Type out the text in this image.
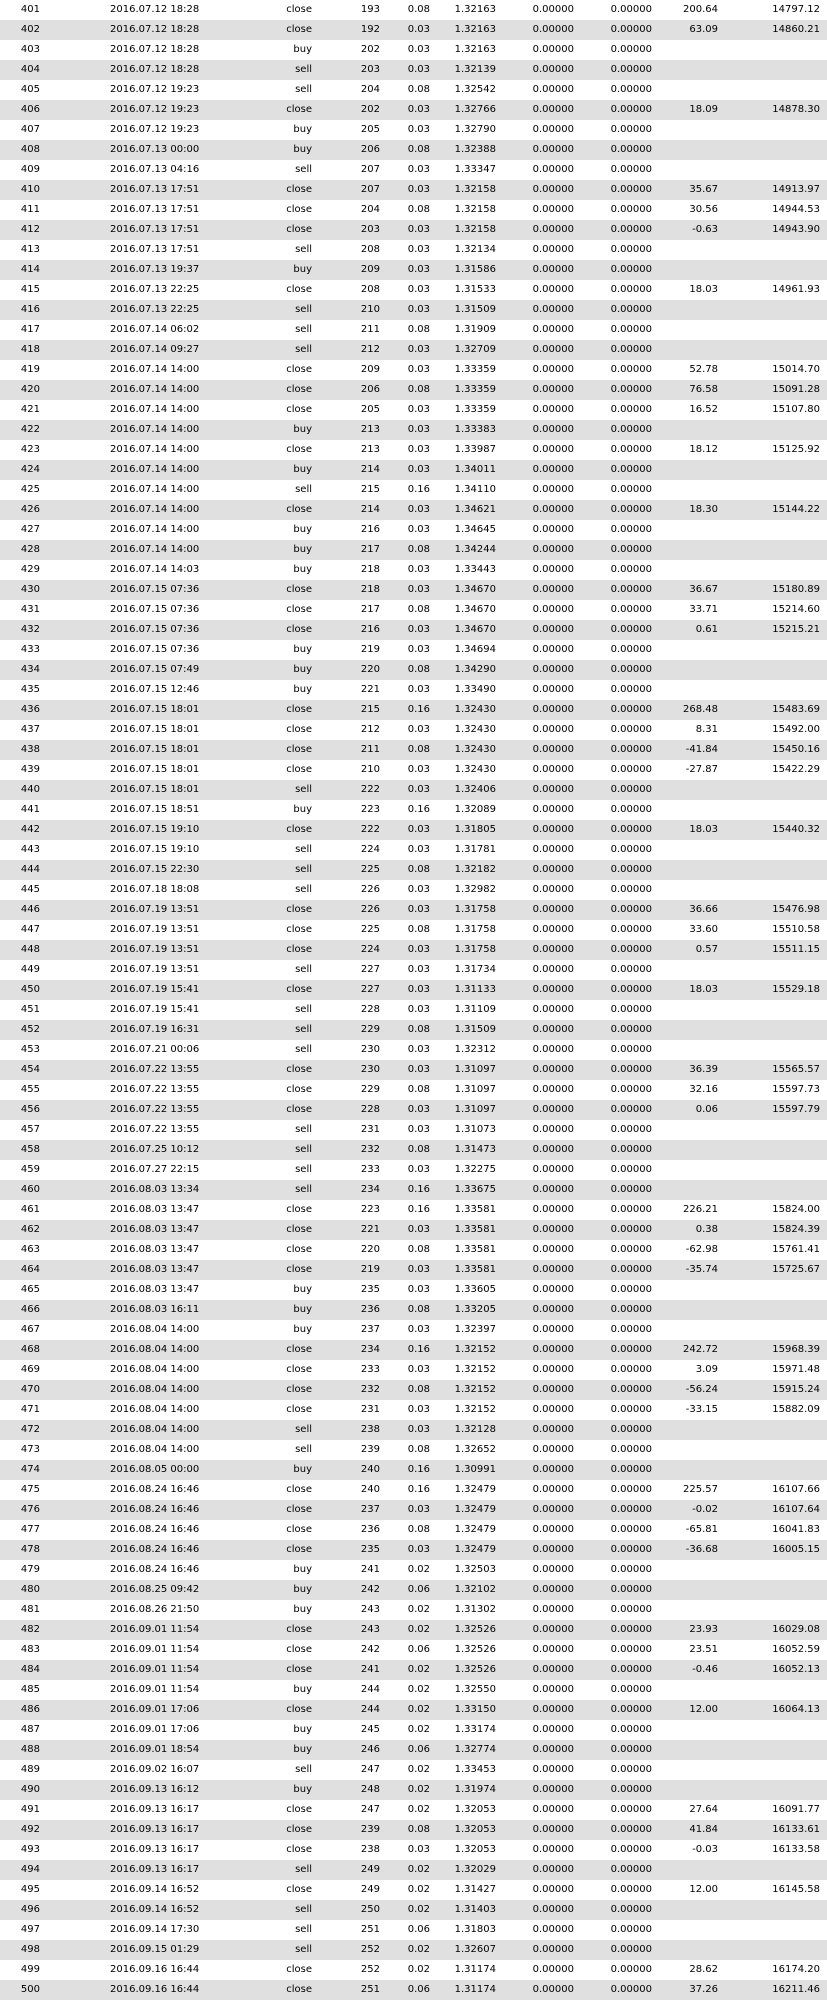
401	2016.07.12 18:28	close	193	0.08	1.32163	0.00000	0.00000	200.64	14797.12
402	2016.07.12 18:28	close	192	0.03	1.32163	0.00000	0.00000	63.09	14860.21
403	2016.07.12 18:28	buy	202	0.03	1.32163	0.00000	0.00000
404	2016.07.12 18:28	sell	203	0.03	1.32139	0.00000	0.00000
405	2016.07.12 19:23	sell	204	0.08	1.32542	0.00000	0.00000
406	2016.07.12 19:23	close	202	0.03	1.32766	0.00000	0.00000	18.09	14878.30
407	2016.07.12 19:23	buy	205	0.03	1.32790	0.00000	0.00000
408	2016.07.13 00:00	buy	206	0.08	1.32388	0.00000	0.00000
409	2016.07.13 04:16	sell	207	0.03	1.33347	0.00000	0.00000
410	2016.07.13 17:51	close	207	0.03	1.32158	0.00000	0.00000	35.67	14913.97
411	2016.07.13 17:51	close	204	0.08	1.32158	0.00000	0.00000	30.56	14944.53
412	2016.07.13 17:51	close	203	0.03	1.32158	0.00000	0.00000	-0.63	14943.90
413	2016.07.13 17:51	sell	208	0.03	1.32134	0.00000	0.00000
414	2016.07.13 19:37	buy	209	0.03	1.31586	0.00000	0.00000
415	2016.07.13 22:25	close	208	0.03	1.31533	0.00000	0.00000	18.03	14961.93
416	2016.07.13 22:25	sell	210	0.03	1.31509	0.00000	0.00000
417	2016.07.14 06:02	sell	211	0.08	1.31909	0.00000	0.00000
418	2016.07.14 09:27	sell	212	0.03	1.32709	0.00000	0.00000
419	2016.07.14 14:00	close	209	0.03	1.33359	0.00000	0.00000	52.78	15014.70
420	2016.07.14 14:00	close	206	0.08	1.33359	0.00000	0.00000	76.58	15091.28
421	2016.07.14 14:00	close	205	0.03	1.33359	0.00000	0.00000	16.52	15107.80
422	2016.07.14 14:00	buy	213	0.03	1.33383	0.00000	0.00000
423	2016.07.14 14:00	close	213	0.03	1.33987	0.00000	0.00000	18.12	15125.92
424	2016.07.14 14:00	buy	214	0.03	1.34011	0.00000	0.00000
425	2016.07.14 14:00	sell	215	0.16	1.34110	0.00000	0.00000
426	2016.07.14 14:00	close	214	0.03	1.34621	0.00000	0.00000	18.30	15144.22
427	2016.07.14 14:00	buy	216	0.03	1.34645	0.00000	0.00000
428	2016.07.14 14:00	buy	217	0.08	1.34244	0.00000	0.00000
429	2016.07.14 14:03	buy	218	0.03	1.33443	0.00000	0.00000
430	2016.07.15 07:36	close	218	0.03	1.34670	0.00000	0.00000	36.67	15180.89
431	2016.07.15 07:36	close	217	0.08	1.34670	0.00000	0.00000	33.71	15214.60
432	2016.07.15 07:36	close	216	0.03	1.34670	0.00000	0.00000	0.61	15215.21
433	2016.07.15 07:36	buy	219	0.03	1.34694	0.00000	0.00000
434	2016.07.15 07:49	buy	220	0.08	1.34290	0.00000	0.00000
435	2016.07.15 12:46	buy	221	0.03	1.33490	0.00000	0.00000
436	2016.07.15 18:01	close	215	0.16	1.32430	0.00000	0.00000	268.48	15483.69
437	2016.07.15 18:01	close	212	0.03	1.32430	0.00000	0.00000	8.31	15492.00
438	2016.07.15 18:01	close	211	0.08	1.32430	0.00000	0.00000	-41.84	15450.16
439	2016.07.15 18:01	close	210	0.03	1.32430	0.00000	0.00000	-27.87	15422.29
440	2016.07.15 18:01	sell	222	0.03	1.32406	0.00000	0.00000
441	2016.07.15 18:51	buy	223	0.16	1.32089	0.00000	0.00000
442	2016.07.15 19:10	close	222	0.03	1.31805	0.00000	0.00000	18.03	15440.32
443	2016.07.15 19:10	sell	224	0.03	1.31781	0.00000	0.00000
444	2016.07.15 22:30	sell	225	0.08	1.32182	0.00000	0.00000
445	2016.07.18 18:08	sell	226	0.03	1.32982	0.00000	0.00000
446	2016.07.19 13:51	close	226	0.03	1.31758	0.00000	0.00000	36.66	15476.98
447	2016.07.19 13:51	close	225	0.08	1.31758	0.00000	0.00000	33.60	15510.58
448	2016.07.19 13:51	close	224	0.03	1.31758	0.00000	0.00000	0.57	15511.15
449	2016.07.19 13:51	sell	227	0.03	1.31734	0.00000	0.00000
450	2016.07.19 15:41	close	227	0.03	1.31133	0.00000	0.00000	18.03	15529.18
451	2016.07.19 15:41	sell	228	0.03	1.31109	0.00000	0.00000
452	2016.07.19 16:31	sell	229	0.08	1.31509	0.00000	0.00000
453	2016.07.21 00:06	sell	230	0.03	1.32312	0.00000	0.00000
454	2016.07.22 13:55	close	230	0.03	1.31097	0.00000	0.00000	36.39	15565.57
455	2016.07.22 13:55	close	229	0.08	1.31097	0.00000	0.00000	32.16	15597.73
456	2016.07.22 13:55	close	228	0.03	1.31097	0.00000	0.00000	0.06	15597.79
457	2016.07.22 13:55	sell	231	0.03	1.31073	0.00000	0.00000
458	2016.07.25 10:12	sell	232	0.08	1.31473	0.00000	0.00000
459	2016.07.27 22:15	sell	233	0.03	1.32275	0.00000	0.00000
460	2016.08.03 13:34	sell	234	0.16	1.33675	0.00000	0.00000
461	2016.08.03 13:47	close	223	0.16	1.33581	0.00000	0.00000	226.21	15824.00
462	2016.08.03 13:47	close	221	0.03	1.33581	0.00000	0.00000	0.38	15824.39
463	2016.08.03 13:47	close	220	0.08	1.33581	0.00000	0.00000	-62.98	15761.41
464	2016.08.03 13:47	close	219	0.03	1.33581	0.00000	0.00000	-35.74	15725.67
465	2016.08.03 13:47	buy	235	0.03	1.33605	0.00000	0.00000
466	2016.08.03 16:11	buy	236	0.08	1.33205	0.00000	0.00000
467	2016.08.04 14:00	buy	237	0.03	1.32397	0.00000	0.00000
468	2016.08.04 14:00	close	234	0.16	1.32152	0.00000	0.00000	242.72	15968.39
469	2016.08.04 14:00	close	233	0.03	1.32152	0.00000	0.00000	3.09	15971.48
470	2016.08.04 14:00	close	232	0.08	1.32152	0.00000	0.00000	-56.24	15915.24
471	2016.08.04 14:00	close	231	0.03	1.32152	0.00000	0.00000	-33.15	15882.09
472	2016.08.04 14:00	sell	238	0.03	1.32128	0.00000	0.00000
473	2016.08.04 14:00	sell	239	0.08	1.32652	0.00000	0.00000
474	2016.08.05 00:00	buy	240	0.16	1.30991	0.00000	0.00000
475	2016.08.24 16:46	close	240	0.16	1.32479	0.00000	0.00000	225.57	16107.66
476	2016.08.24 16:46	close	237	0.03	1.32479	0.00000	0.00000	-0.02	16107.64
477	2016.08.24 16:46	close	236	0.08	1.32479	0.00000	0.00000	-65.81	16041.83
478	2016.08.24 16:46	close	235	0.03	1.32479	0.00000	0.00000	-36.68	16005.15
479	2016.08.24 16:46	buy	241	0.02	1.32503	0.00000	0.00000
480	2016.08.25 09:42	buy	242	0.06	1.32102	0.00000	0.00000
481	2016.08.26 21:50	buy	243	0.02	1.31302	0.00000	0.00000
482	2016.09.01 11:54	close	243	0.02	1.32526	0.00000	0.00000	23.93	16029.08
483	2016.09.01 11:54	close	242	0.06	1.32526	0.00000	0.00000	23.51	16052.59
484	2016.09.01 11:54	close	241	0.02	1.32526	0.00000	0.00000	-0.46	16052.13
485	2016.09.01 11:54	buy	244	0.02	1.32550	0.00000	0.00000
486	2016.09.01 17:06	close	244	0.02	1.33150	0.00000	0.00000	12.00	16064.13
487	2016.09.01 17:06	buy	245	0.02	1.33174	0.00000	0.00000
488	2016.09.01 18:54	buy	246	0.06	1.32774	0.00000	0.00000
489	2016.09.02 16:07	sell	247	0.02	1.33453	0.00000	0.00000
490	2016.09.13 16:12	buy	248	0.02	1.31974	0.00000	0.00000
491	2016.09.13 16:17	close	247	0.02	1.32053	0.00000	0.00000	27.64	16091.77
492	2016.09.13 16:17	close	239	0.08	1.32053	0.00000	0.00000	41.84	16133.61
493	2016.09.13 16:17	close	238	0.03	1.32053	0.00000	0.00000	-0.03	16133.58
494	2016.09.13 16:17	sell	249	0.02	1.32029	0.00000	0.00000
495	2016.09.14 16:52	close	249	0.02	1.31427	0.00000	0.00000	12.00	16145.58
496	2016.09.14 16:52	sell	250	0.02	1.31403	0.00000	0.00000
497	2016.09.14 17:30	sell	251	0.06	1.31803	0.00000	0.00000
498	2016.09.15 01:29	sell	252	0.02	1.32607	0.00000	0.00000
499	2016.09.16 16:44	close	252	0.02	1.31174	0.00000	0.00000	28.62	16174.20
500	2016.09.16 16:44	close	251	0.06	1.31174	0.00000	0.00000	37.26	16211.46
